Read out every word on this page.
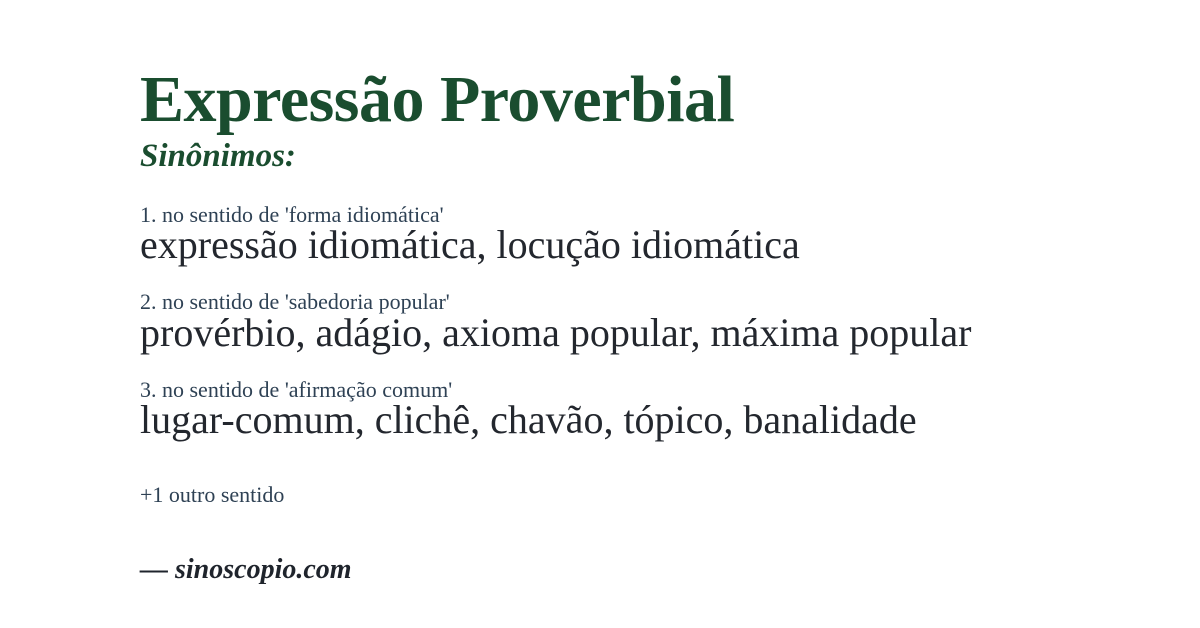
Expressão Proverbial
Sinônimos:
1. no sentido de 'forma idiomática'
expressão idiomática, locução idiomática
2. no sentido de 'sabedoria popular'
provérbio, adágio, axioma popular, máxima popular
3. no sentido de 'afirmação comum'
lugar-comum, clichê, chavão, tópico, banalidade
+1 outro sentido
— sinoscopio.com
